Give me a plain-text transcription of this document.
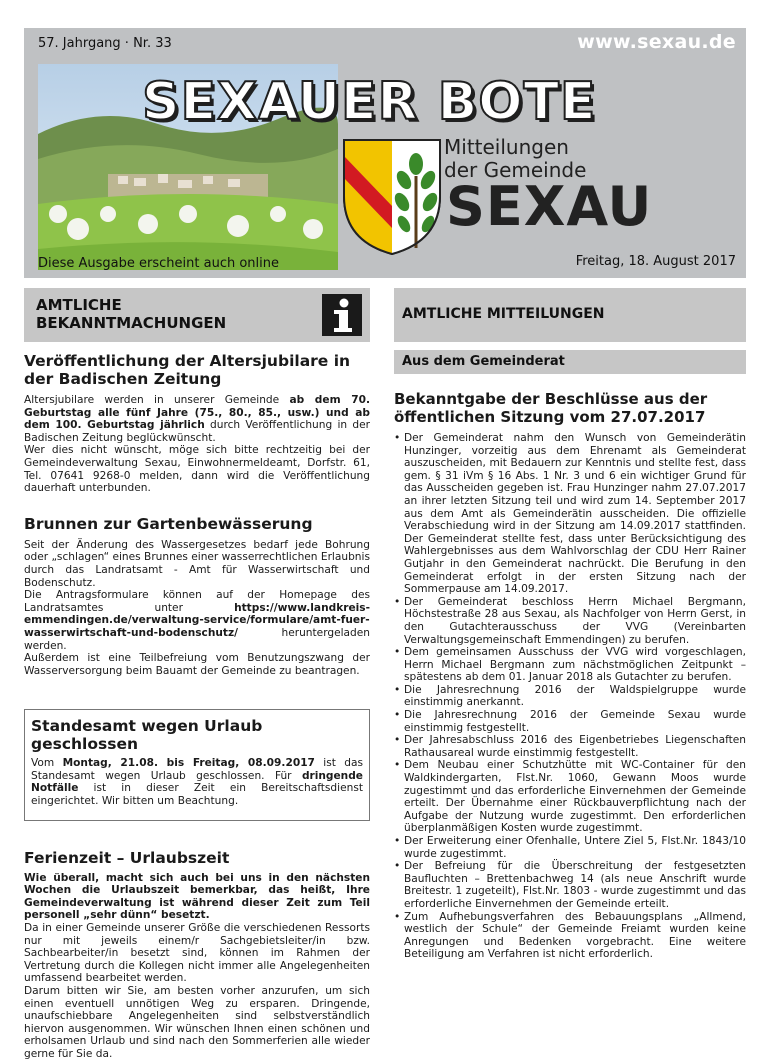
57. Jahrgang · Nr. 33	www.sexau.de
SEXAUER BOTE
Mitteilungen
der Gemeinde
SEXAU
Diese Ausgabe erscheint auch online	Freitag, 18. August 2017
AMTLICHE
BEKANNTMACHUNGEN
Veröffentlichung der Altersjubilare in der Badischen Zeitung

Altersjubilare werden in unserer Gemeinde ab dem 70. Geburtstag alle fünf Jahre (75., 80., 85., usw.) und ab dem 100. Geburtstag jährlich durch Veröffentlichung in der Badischen Zeitung beglückwünscht.

Wer dies nicht wünscht, möge sich bitte rechtzeitig bei der Gemeindeverwaltung Sexau, Einwohnermeldeamt, Dorfstr. 61, Tel. 07641 9268-0 melden, dann wird die Veröffentlichung dauerhaft unterbunden.

Brunnen zur Gartenbewässerung

Seit der Änderung des Wassergesetzes bedarf jede Bohrung oder „schlagen“ eines Brunnes einer wasserrechtlichen Erlaubnis durch das Landratsamt - Amt für Wasserwirtschaft und Bodenschutz.

Die Antragsformulare können auf der Homepage des Landratsamtes unter https://www.landkreis-emmendingen.de/verwaltung-service/formulare/amt-fuer-wasserwirtschaft-und-bodenschutz/ heruntergeladen werden.

Außerdem ist eine Teilbefreiung vom Benutzungszwang der Wasserversorgung beim Bauamt der Gemeinde zu beantragen.

Standesamt wegen Urlaub geschlossen

Vom Montag, 21.08. bis Freitag, 08.09.2017 ist das Standesamt wegen Urlaub geschlossen. Für dringende Notfälle ist in dieser Zeit ein Bereitschaftsdienst eingerichtet. Wir bitten um Beachtung.

Ferienzeit – Urlaubszeit

Wie überall, macht sich auch bei uns in den nächsten Wochen die Urlaubszeit bemerkbar, das heißt, Ihre Gemeindeverwaltung ist während dieser Zeit zum Teil personell „sehr dünn“ besetzt.

Da in einer Gemeinde unserer Größe die verschiedenen Ressorts nur mit jeweils einem/r Sachgebietsleiter/in bzw. Sachbearbeiter/in besetzt sind, können im Rahmen der Vertretung durch die Kollegen nicht immer alle Angelegenheiten umfassend bearbeitet werden.

Darum bitten wir Sie, am besten vorher anzurufen, um sich einen eventuell unnötigen Weg zu ersparen. Dringende, unaufschiebbare Angelegenheiten sind selbstverständlich hiervon ausgenommen. Wir wünschen Ihnen einen schönen und erholsamen Urlaub und sind nach den Sommerferien alle wieder gerne für Sie da.

AMTLICHE MITTEILUNGEN
Aus dem Gemeinderat
Bekanntgabe der Beschlüsse aus der öffentlichen Sitzung vom 27.07.2017
• Der Gemeinderat nahm den Wunsch von Gemeinderätin Hunzinger, vorzeitig aus dem Ehrenamt als Gemeinderat auszuscheiden, mit Bedauern zur Kenntnis und stellte fest, dass gem. § 31 iVm § 16 Abs. 1 Nr. 3 und 6 ein wichtiger Grund für das Ausscheiden gegeben ist. Frau Hunzinger nahm 27.07.2017 an ihrer letzten Sitzung teil und wird zum 14. September 2017 aus dem Amt als Gemeinderätin ausscheiden. Die offizielle Verabschiedung wird in der Sitzung am 14.09.2017 stattfinden. Der Gemeinderat stellte fest, dass unter Berücksichtigung des Wahlergebnisses aus dem Wahlvorschlag der CDU Herr Rainer Gutjahr in den Gemeinderat nachrückt. Die Berufung in den Gemeinderat erfolgt in der ersten Sitzung nach der Sommerpause am 14.09.2017.
• Der Gemeinderat beschloss Herrn Michael Bergmann, Höchstestraße 28 aus Sexau, als Nachfolger von Herrn Gerst, in den Gutachterausschuss der VVG (Vereinbarten Verwaltungsgemeinschaft Emmendingen) zu berufen.
• Dem gemeinsamen Ausschuss der VVG wird vorgeschlagen, Herrn Michael Bergmann zum nächstmöglichen Zeitpunkt – spätestens ab dem 01. Januar 2018 als Gutachter zu berufen.
• Die Jahresrechnung 2016 der Waldspielgruppe wurde einstimmig anerkannt.
• Die Jahresrechnung 2016 der Gemeinde Sexau wurde einstimmig festgestellt.
• Der Jahresabschluss 2016 des Eigenbetriebes Liegenschaften Rathausareal wurde einstimmig festgestellt.
• Dem Neubau einer Schutzhütte mit WC-Container für den Waldkindergarten, Flst.Nr. 1060, Gewann Moos wurde zugestimmt und das erforderliche Einvernehmen der Gemeinde erteilt. Der Übernahme einer Rückbauverpflichtung nach der Aufgabe der Nutzung wurde zugestimmt. Den erforderlichen überplanmäßigen Kosten wurde zugestimmt.
• Der Erweiterung einer Ofenhalle, Untere Ziel 5, Flst.Nr. 1843/10 wurde zugestimmt.
• Der Befreiung für die Überschreitung der festgesetzten Baufluchten – Brettenbachweg 14 (als neue Anschrift wurde Breitestr. 1 zugeteilt), Flst.Nr. 1803 - wurde zugestimmt und das erforderliche Einvernehmen der Gemeinde erteilt.
• Zum Aufhebungsverfahren des Bebauungsplans „Allmend, westlich der Schule“ der Gemeinde Freiamt wurden keine Anregungen und Bedenken vorgebracht. Eine weitere Beteiligung am Verfahren ist nicht erforderlich.
